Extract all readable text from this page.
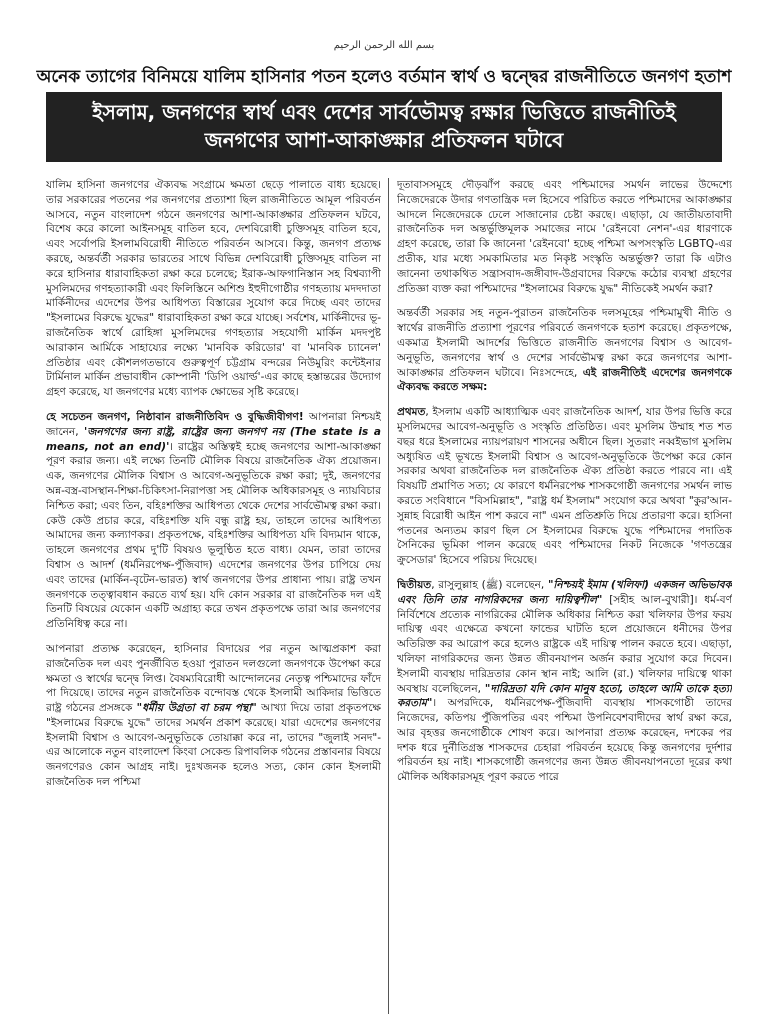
بسم الله الرحمن الرحيم
অনেক ত্যাগের বিনিময়ে যালিম হাসিনার পতন হলেও বর্তমান স্বার্থ ও দ্বন্দ্বের রাজনীতিতে জনগণ হতাশ
ইসলাম, জনগণের স্বার্থ এবং দেশের সার্বভৌমত্ব রক্ষার ভিত্তিতে রাজনীতিই
জনগণের আশা-আকাঙ্ক্ষার প্রতিফলন ঘটাবে

যালিম হাসিনা জনগণের ঐক্যবদ্ধ সংগ্রামে ক্ষমতা ছেড়ে পালাতে বাধ্য হয়েছে। তার সরকারের পতনের পর জনগণের প্রত্যাশা ছিল রাজনীতিতে আমূল পরিবর্তন আসবে, নতুন বাংলাদেশ গঠনে জনগণের আশা-আকাঙ্ক্ষার প্রতিফলন ঘটবে, বিশেষ করে কালো আইনসমূহ বাতিল হবে, দেশবিরোধী চুক্তিসমূহ বাতিল হবে, এবং সর্বোপরি ইসলামবিরোধী নীতিতে পরিবর্তন আসবে। কিন্তু, জনগণ প্রত্যক্ষ করছে, অন্তর্বর্তী সরকার ভারতের সাথে বিভিন্ন দেশবিরোধী চুক্তিসমূহ বাতিল না করে হাসিনার ধারাবাহিকতা রক্ষা করে চলেছে; ইরাক-আফগানিস্তান সহ বিশ্বব্যাপী মুসলিমদের গণহত্যাকারী এবং ফিলিস্তিনে অশিশু ইহুদীগোষ্ঠীর গণহত্যায় মদদদাতা মার্কিনীদের এদেশের উপর আধিপত্য বিস্তারের সুযোগ করে দিচ্ছে এবং তাদের "ইসলামের বিরুদ্ধে যুদ্ধের" ধারাবাহিকতা রক্ষা করে যাচ্ছে। সর্বশেষ, মার্কিনীদের ভূ-রাজনৈতিক স্বার্থে রোহিঙ্গা মুসলিমদের গণহত্যার সহযোগী মার্কিন মদদপুষ্ট আরাকান আর্মিকে সাহায্যের লক্ষ্যে 'মানবিক করিডোর' বা 'মানবিক চ্যানেল' প্রতিষ্ঠার এবং কৌশলগতভাবে গুরুত্বপূর্ণ চট্টগ্রাম বন্দরের নিউমুরিং কন্টেইনার টার্মিনাল মার্কিন প্রভাবাধীন কোম্পানী 'ডিপি ওয়ার্ল্ড'-এর কাছে হস্তান্তরের উদ্যোগ গ্রহণ করেছে, যা জনগণের মধ্যে ব্যাপক ক্ষোভের সৃষ্টি করেছে।

হে সচেতন জনগণ, নিষ্ঠাবান রাজনীতিবিদ ও বুদ্ধিজীবীগণ! আপনারা নিশ্চয়ই জানেন, 'জনগণের জন্য রাষ্ট্র, রাষ্ট্রের জন্য জনগণ নয় (The state is a means, not an end)'। রাষ্ট্রের অস্তিত্বই হচ্ছে জনগণের আশা-আকাঙ্ক্ষা পূরণ করার জন্য। এই লক্ষ্যে তিনটি মৌলিক বিষয়ে রাজনৈতিক ঐক্য প্রয়োজন। এক, জনগণের মৌলিক বিশ্বাস ও আবেগ-অনুভূতিকে রক্ষা করা; দুই, জনগণের অন্ন-বস্ত্র-বাসস্থান-শিক্ষা-চিকিৎসা-নিরাপত্তা সহ মৌলিক অধিকারসমূহ ও ন্যায়বিচার নিশ্চিত করা; এবং তিন, বহিঃশক্তির আধিপত্য থেকে দেশের সার্বভৌমত্ব রক্ষা করা। কেউ কেউ প্রচার করে, বহিঃশক্তি যদি বন্ধু রাষ্ট্র হয়, তাহলে তাদের আধিপত্য আমাদের জন্য কল্যাণকর। প্রকৃতপক্ষে, বহিঃশক্তির আধিপত্য যদি বিদ্যমান থাকে, তাহলে জনগণের প্রথম দু'টি বিষয়ও ভূলুণ্ঠিত হতে বাধ্য। যেমন, তারা তাদের বিশ্বাস ও আদর্শ (ধর্মনিরপেক্ষ-পুঁজিবাদ) এদেশের জনগণের উপর চাপিয়ে দেয় এবং তাদের (মার্কিন-বৃটেন-ভারত) স্বার্থ জনগণের উপর প্রাধান্য পায়। রাষ্ট্র তখন জনগণকে তত্ত্বাবধান করতে ব্যর্থ হয়। যদি কোন সরকার বা রাজনৈতিক দল এই তিনটি বিষয়ের যেকোন একটি অগ্রাহ্য করে তখন প্রকৃতপক্ষে তারা আর জনগণের প্রতিনিধিত্ব করে না।

আপনারা প্রত্যক্ষ করেছেন, হাসিনার বিদায়ের পর নতুন আত্মপ্রকাশ করা রাজনৈতিক দল এবং পুনর্জীবিত হওয়া পুরাতন দলগুলো জনগণকে উপেক্ষা করে ক্ষমতা ও স্বার্থের দ্বন্দ্বে লিপ্ত। বৈষম্যবিরোধী আন্দোলনের নেতৃত্ব পশ্চিমাদের ফাঁদে পা দিয়েছে। তাদের নতুন রাজনৈতিক বন্দোবস্ত থেকে ইসলামী আকিদার ভিত্তিতে রাষ্ট্র গঠনের প্রসঙ্গকে "ধর্মীয় উগ্রতা বা চরম পন্থা" আখ্যা দিয়ে তারা প্রকৃতপক্ষে "ইসলামের বিরুদ্ধে যুদ্ধে" তাদের সমর্থন প্রকাশ করেছে। যারা এদেশের জনগণের ইসলামী বিশ্বাস ও আবেগ-অনুভূতিকে তোয়াক্কা করে না, তাদের "জুলাই সনদ"-এর আলোকে নতুন বাংলাদেশ কিংবা সেকেন্ড রিপাবলিক গঠনের প্রস্তাবনার বিষয়ে জনগণেরও কোন আগ্রহ নাই। দুঃখজনক হলেও সত্য, কোন কোন ইসলামী রাজনৈতিক দল পশ্চিমা

দূতাবাসসমূহে দৌড়ঝাঁপ করছে এবং পশ্চিমাদের সমর্থন লাভের উদ্দেশ্যে নিজেদেরকে উদার গণতান্ত্রিক দল হিসেবে পরিচিত করতে পশ্চিমাদের আকাঙ্ক্ষার আদলে নিজেদেরকে ঢেলে সাজানোর চেষ্টা করছে। এছাড়া, যে জাতীয়তাবাদী রাজনৈতিক দল অন্তর্ভুক্তিমূলক সমাজের নামে 'রেইনবো নেশন'-এর ধারণাকে গ্রহণ করেছে, তারা কি জানেনা 'রেইনবো' হচ্ছে পশ্চিমা অপসংস্কৃতি LGBTQ-এর প্রতীক, যার মধ্যে সমকামিতার মত নিকৃষ্ট সংস্কৃতি অন্তর্ভুক্ত? তারা কি এটাও জানেনা তথাকথিত সন্ত্রাসবাদ-জঙ্গীবাদ-উগ্রবাদের বিরুদ্ধে কঠোর ব্যবস্থা গ্রহণের প্রতিজ্ঞা ব্যক্ত করা পশ্চিমাদের "ইসলামের বিরুদ্ধে যুদ্ধ" নীতিকেই সমর্থন করা?

অন্তর্বর্তী সরকার সহ নতুন-পুরাতন রাজনৈতিক দলসমূহের পশ্চিমামুখী নীতি ও স্বার্থের রাজনীতি প্রত্যাশা পূরণের পরিবর্তে জনগণকে হতাশ করেছে। প্রকৃতপক্ষে, একমাত্র ইসলামী আদর্শের ভিত্তিতে রাজনীতি জনগণের বিশ্বাস ও আবেগ-অনুভূতি, জনগণের স্বার্থ ও দেশের সার্বভৌমত্ব রক্ষা করে জনগণের আশা-আকাঙ্ক্ষার প্রতিফলন ঘটাবে। নিঃসন্দেহে, এই রাজনীতিই এদেশের জনগণকে ঐক্যবদ্ধ করতে সক্ষম:

প্রথমত, ইসলাম একটি আধ্যাত্মিক এবং রাজনৈতিক আদর্শ, যার উপর ভিত্তি করে মুসলিমদের আবেগ-অনুভূতি ও সংস্কৃতি প্রতিষ্ঠিত। এবং মুসলিম উম্মাহ শত শত বছর ধরে ইসলামের ন্যায়পরায়ণ শাসনের অধীনে ছিল। সুতরাং নব্বইভাগ মুসলিম অধ্যুষিত এই ভূখন্ডে ইসলামী বিশ্বাস ও আবেগ-অনুভূতিকে উপেক্ষা করে কোন সরকার অথবা রাজনৈতিক দল রাজনৈতিক ঐক্য প্রতিষ্ঠা করতে পারবে না। এই বিষয়টি প্রমাণিত সত্য; যে কারণে ধর্মনিরপেক্ষ শাসকগোষ্ঠী জনগণের সমর্থন লাভ করতে সংবিধানে "বিসমিল্লাহ", "রাষ্ট্র ধর্ম ইসলাম" সংযোগ করে অথবা "কুর'আন-সুন্নাহ বিরোধী আইন পাশ করবে না" এমন প্রতিশ্রুতি দিয়ে প্রতারণা করে। হাসিনা পতনের অন্যতম কারণ ছিল সে ইসলামের বিরুদ্ধে যুদ্ধে পশ্চিমাদের পদাতিক সৈনিকের ভূমিকা পালন করেছে এবং পশ্চিমাদের নিকট নিজেকে 'গণতন্ত্রের ক্রুসেডার' হিসেবে পরিচয় দিয়েছে।

দ্বিতীয়ত, রাসুলুল্লাহ (ﷺ) বলেছেন, "নিশ্চয়ই ইমাম (খলিফা) একজন অভিভাবক এবং তিনি তার নাগরিকদের জন্য দায়িত্বশীল" [সহীহ আল-বুখারী]। ধর্ম-বর্ণ নির্বিশেষে প্রত্যেক নাগরিকের মৌলিক অধিকার নিশ্চিত করা খলিফার উপর ফরয দায়িত্ব এবং এক্ষেত্রে কখনো ফান্ডের ঘাটতি হলে প্রয়োজনে ধনীদের উপর অতিরিক্ত কর আরোপ করে হলেও রাষ্ট্রকে এই দায়িত্ব পালন করতে হবে। এছাড়া, খলিফা নাগরিকদের জন্য উন্নত জীবনযাপন অর্জন করার সুযোগ করে দিবেন। ইসলামী ব্যবস্থায় দারিদ্রতার কোন স্থান নাই; আলি (রা.) খলিফার দায়িত্বে থাকা অবস্থায় বলেছিলেন, "দারিদ্রতা যদি কোন মানুষ হতো, তাহলে আমি তাকে হত্যা করতাম"। অপরদিকে, ধর্মনিরপেক্ষ-পুঁজিবাদী ব্যবস্থায় শাসকগোষ্ঠী তাদের নিজেদের, কতিপয় পুঁজিপতির এবং পশ্চিমা উপনিবেশবাদীদের স্বার্থ রক্ষা করে, আর বৃহত্তর জনগোষ্ঠীকে শোষণ করে। আপনারা প্রত্যক্ষ করেছেন, দশকের পর দশক ধরে দুর্নীতিগ্রস্ত শাসকদের চেহারা পরিবর্তন হয়েছে কিন্তু জনগণের দুর্দশার পরিবর্তন হয় নাই। শাসকগোষ্ঠী জনগণের জন্য উন্নত জীবনযাপনতো দূরের কথা মৌলিক অধিকারসমূহ পূরণ করতে পারে
